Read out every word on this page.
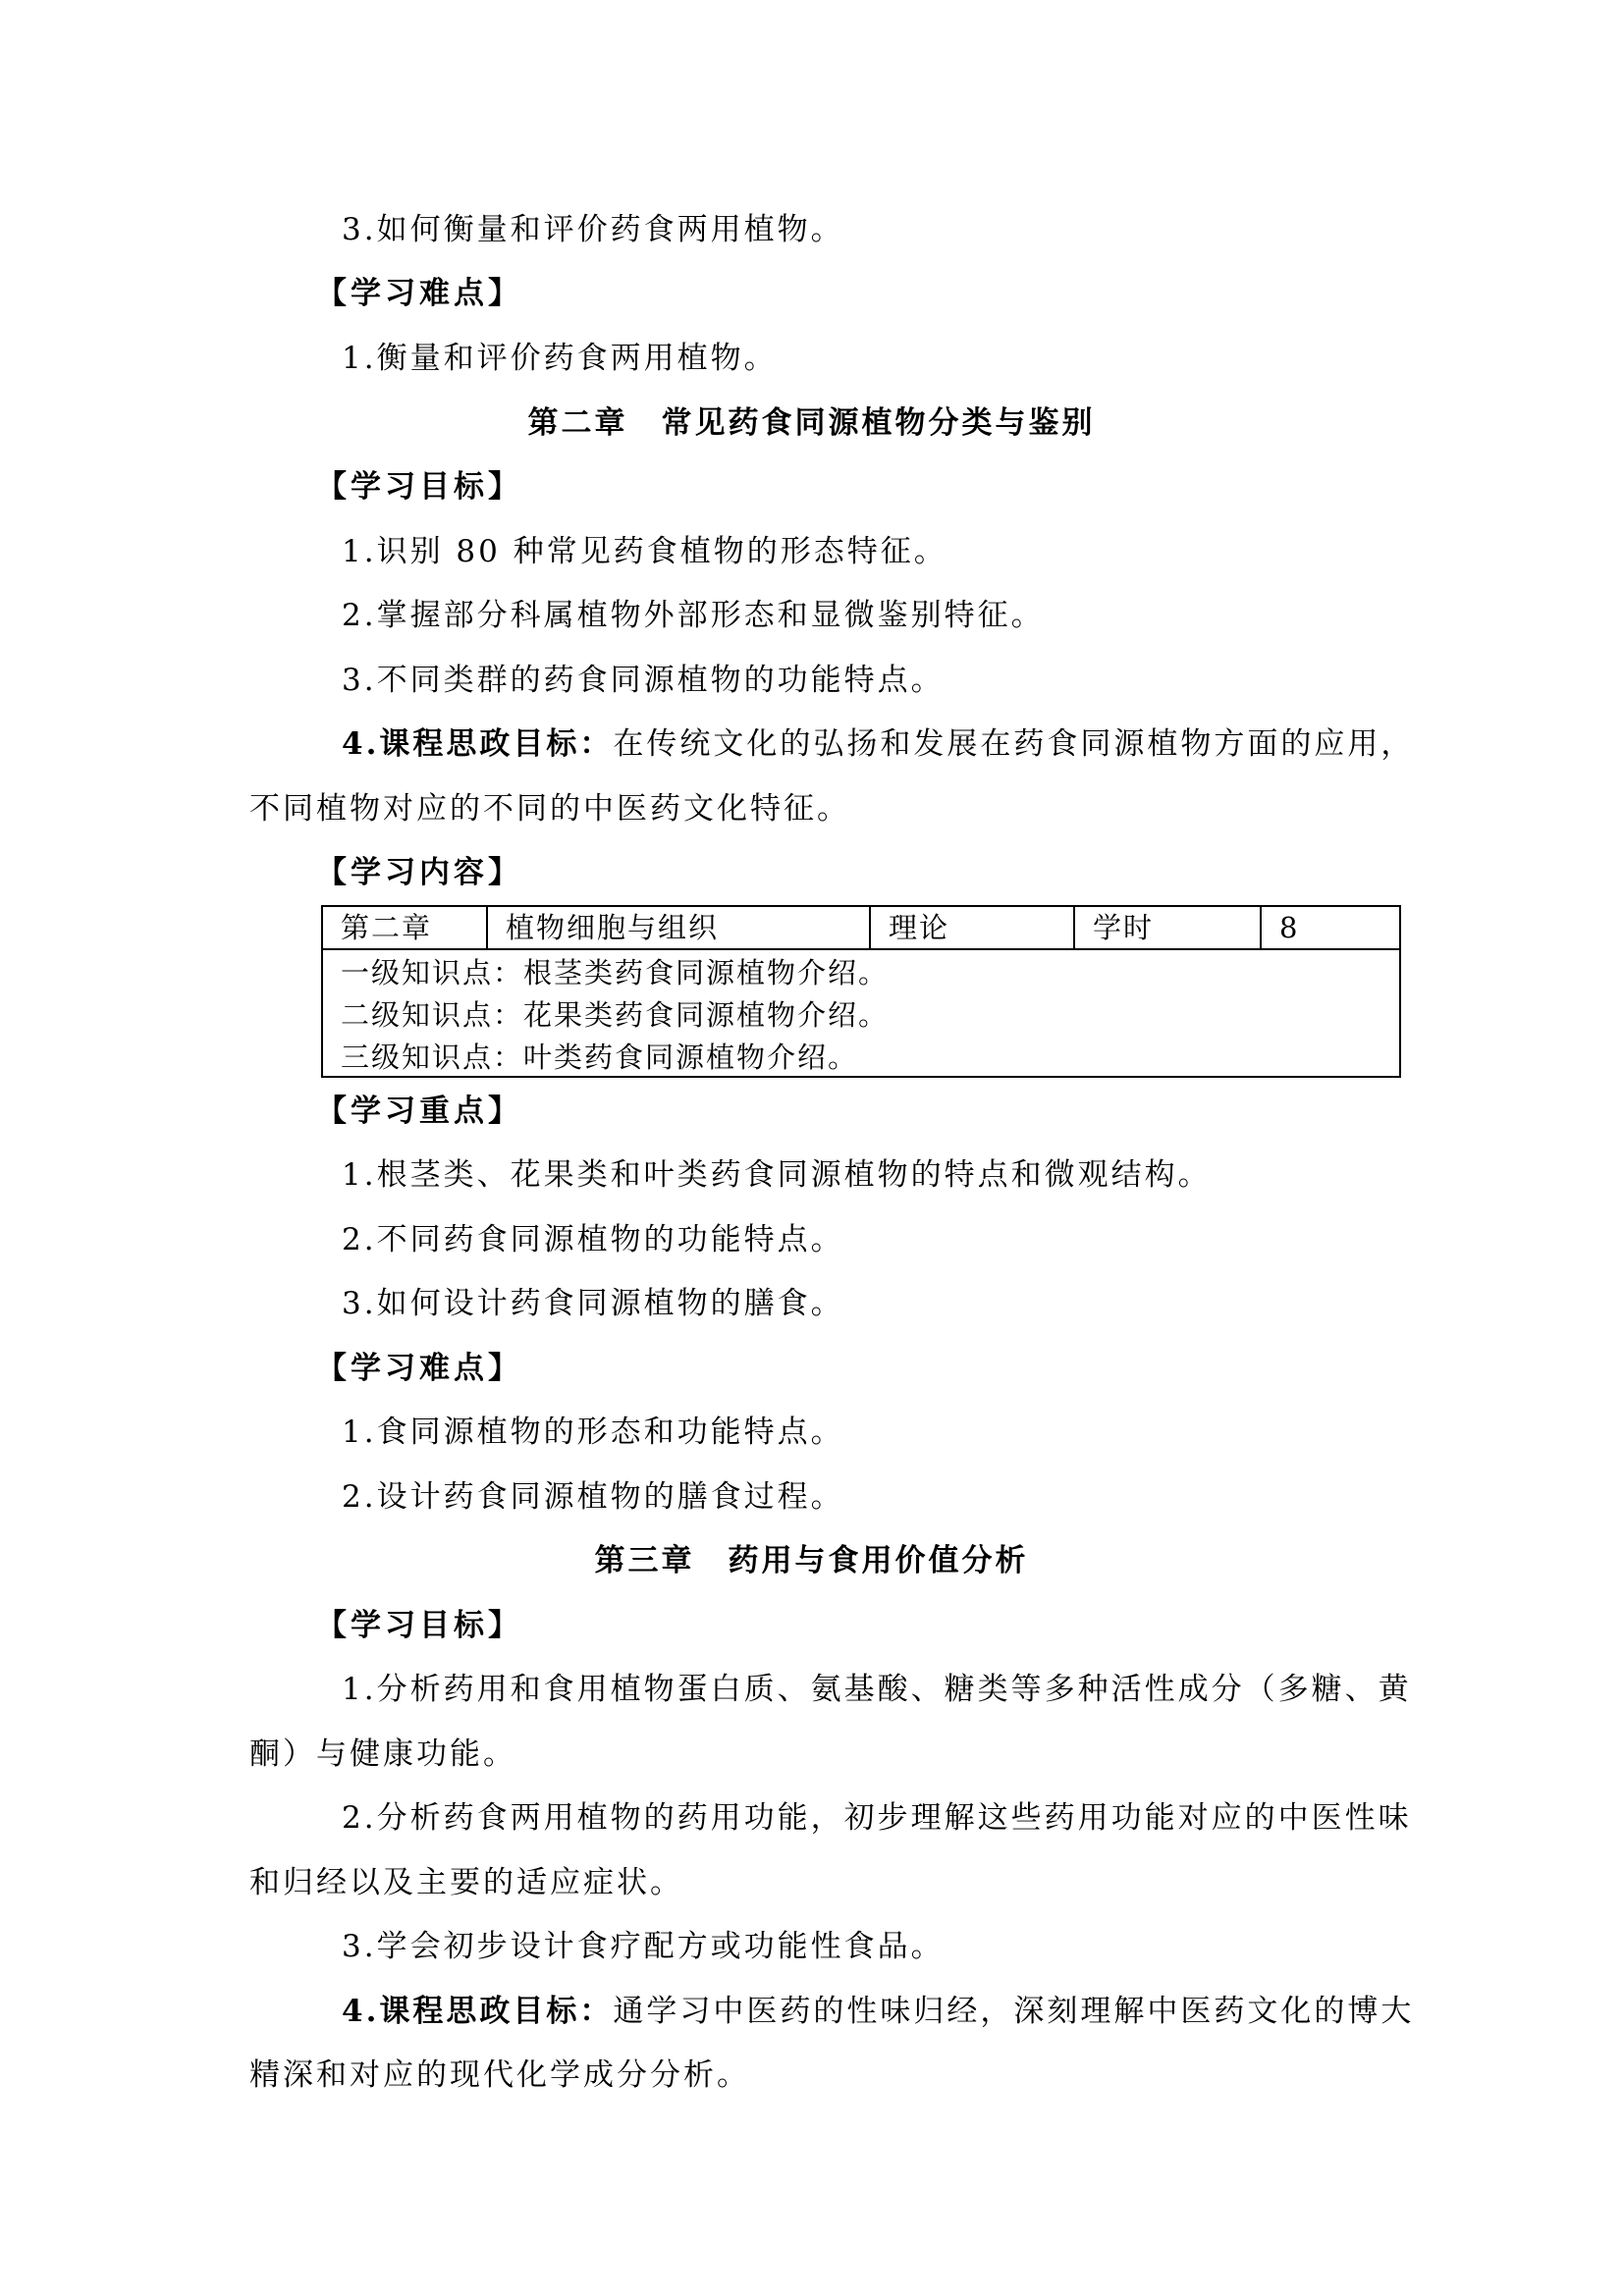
3.如何衡量和评价药食两用植物。
【学习难点】
1.衡量和评价药食两用植物。
第二章　常见药食同源植物分类与鉴别
【学习目标】
1.识别 80 种常见药食植物的形态特征。
2.掌握部分科属植物外部形态和显微鉴别特征。
3.不同类群的药食同源植物的功能特点。
4.课程思政目标：在传统文化的弘扬和发展在药食同源植物方面的应用，
不同植物对应的不同的中医药文化特征。
【学习内容】
第二章	植物细胞与组织	理论	学时	8
一级知识点：根茎类药食同源植物介绍。
二级知识点：花果类药食同源植物介绍。
三级知识点：叶类药食同源植物介绍。
【学习重点】
1.根茎类、花果类和叶类药食同源植物的特点和微观结构。
2.不同药食同源植物的功能特点。
3.如何设计药食同源植物的膳食。
【学习难点】
1.食同源植物的形态和功能特点。
2.设计药食同源植物的膳食过程。
第三章　药用与食用价值分析
【学习目标】
1.分析药用和食用植物蛋白质、氨基酸、糖类等多种活性成分（多糖、黄
酮）与健康功能。
2.分析药食两用植物的药用功能，初步理解这些药用功能对应的中医性味
和归经以及主要的适应症状。
3.学会初步设计食疗配方或功能性食品。
4.课程思政目标：通学习中医药的性味归经，深刻理解中医药文化的博大
精深和对应的现代化学成分分析。
